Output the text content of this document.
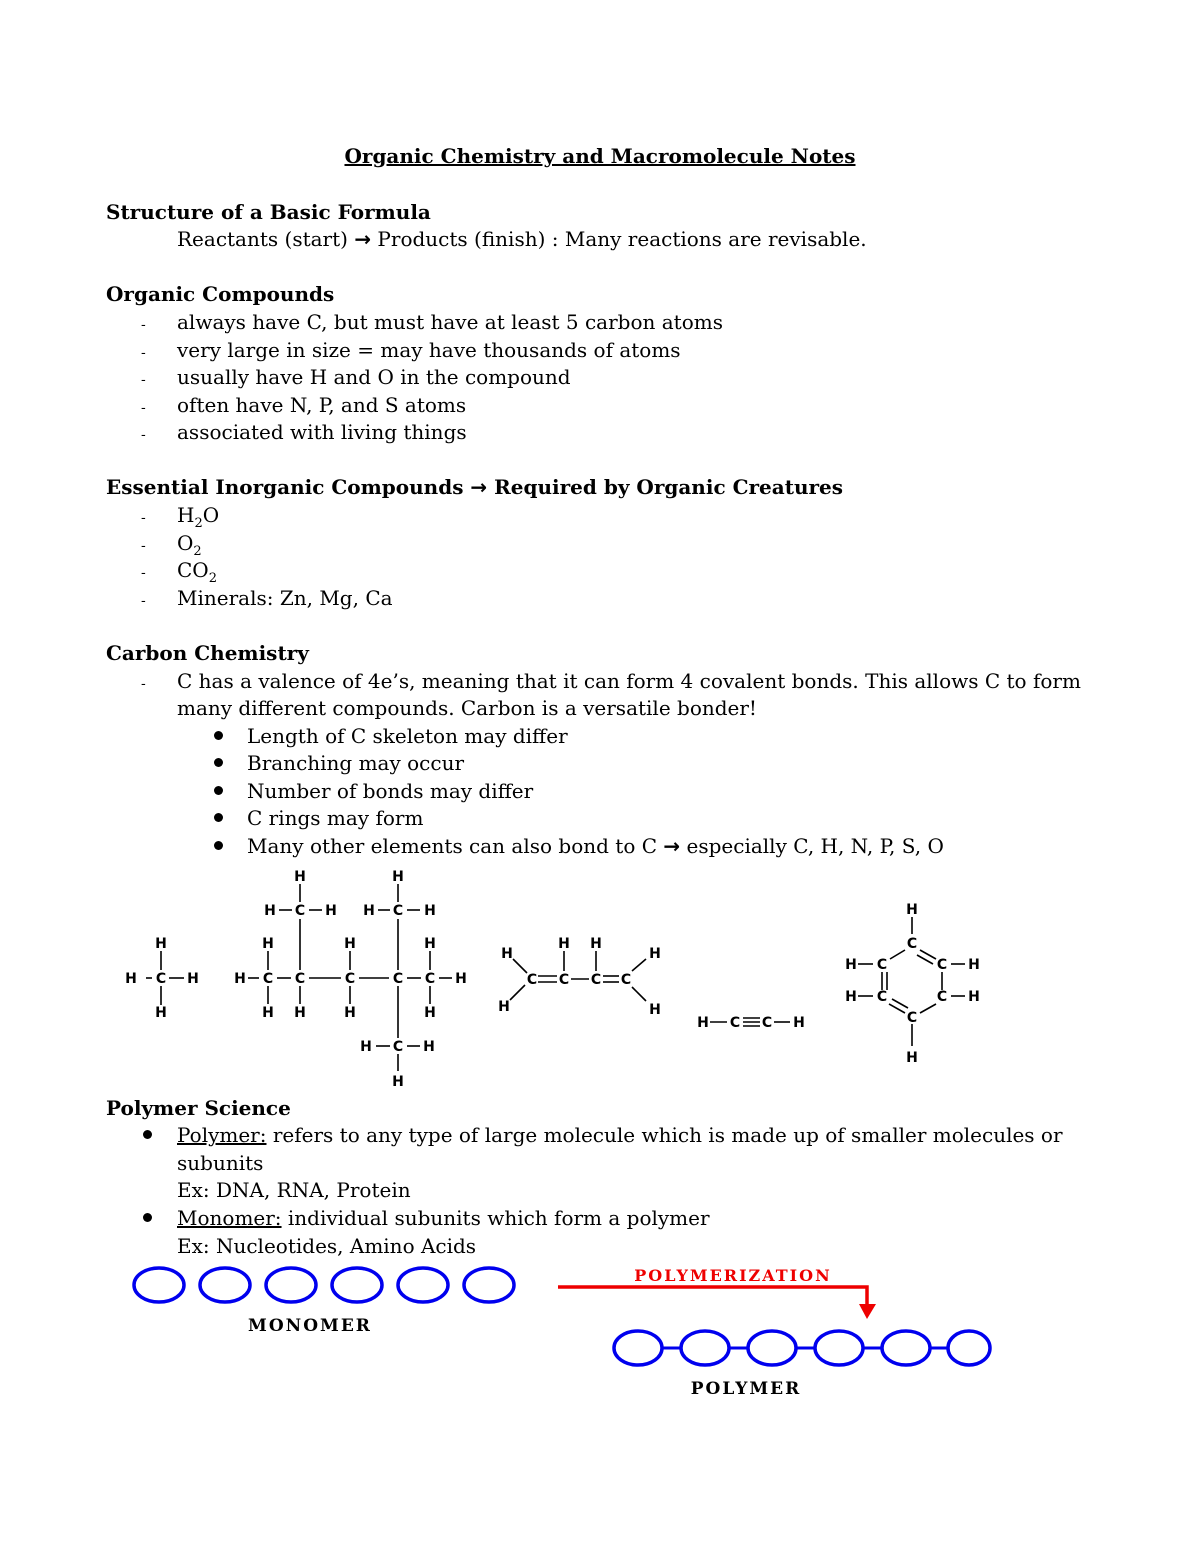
Organic Chemistry and Macromolecule Notes
Structure of a Basic Formula
Reactants (start) → Products (finish) : Many reactions are revisable.
Organic Compounds
- always have C, but must have at least 5 carbon atoms
- very large in size = may have thousands of atoms
- usually have H and O in the compound
- often have N, P, and S atoms
- associated with living things
Essential Inorganic Compounds → Required by Organic Creatures
- $H_2O$
- $O_2$
- $CO_2$
- Minerals: Zn, Mg, Ca
Carbon Chemistry
- C has a valence of 4e’s, meaning that it can form 4 covalent bonds. This allows C to form
many different compounds. Carbon is a versatile bonder!
Length of C skeleton may differ
Branching may occur
Number of bonds may differ
C rings may form
Many other elements can also bond to C → especially C, H, N, P, S, O
H
H C H
H
H C C	C	C C H
H	H	H
H H	H	H
H
H C H
H
H C H
H C H
H
H
H
C C C C
H H
H
H
H C C H
H
C
C	C
C	C
C
H
H
H
H
H
Polymer Science
Polymer: refers to any type of large molecule which is made up of smaller molecules or
subunits
Ex: DNA, RNA, Protein
Monomer: individual subunits which form a polymer
Ex: Nucleotides, Amino Acids
MONOMER
POLYMERIZATION
POLYMER
